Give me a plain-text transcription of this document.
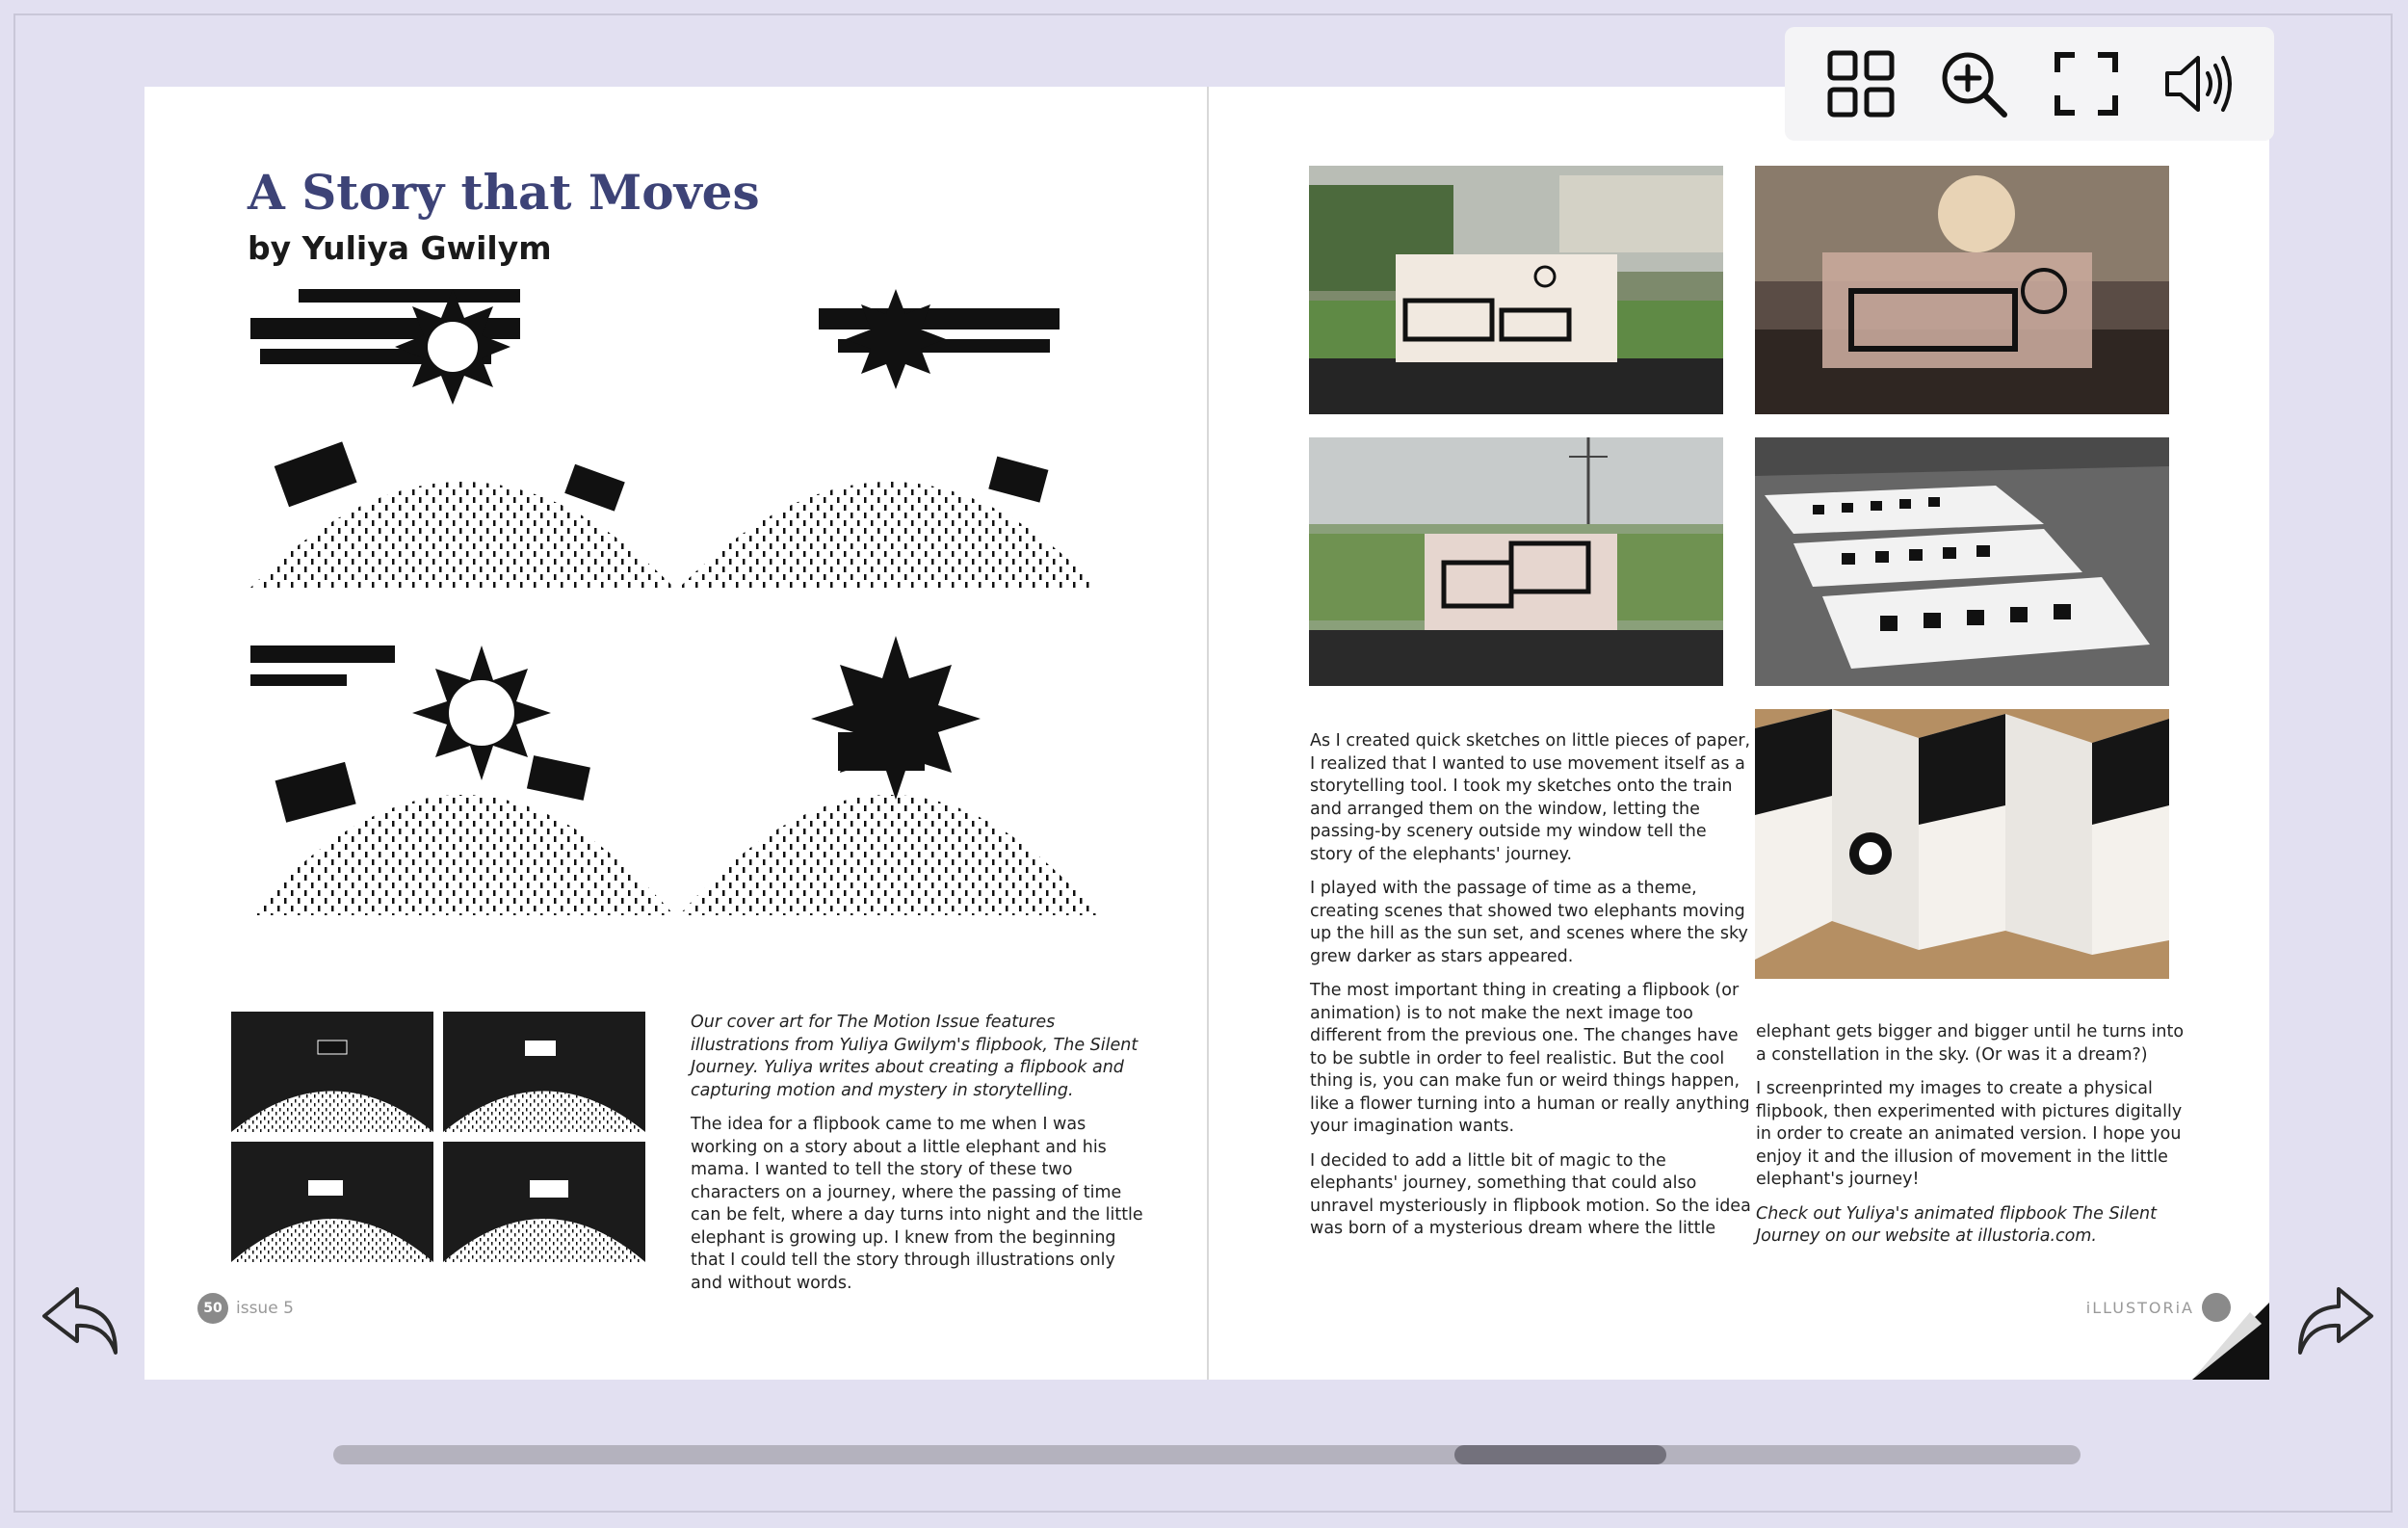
A Story that Moves
by Yuliya Gwilym

Our cover art for The Motion Issue features illustrations from Yuliya Gwilym's flipbook, The Silent Journey. Yuliya writes about creating a flipbook and capturing motion and mystery in storytelling.

The idea for a flipbook came to me when I was working on a story about a little elephant and his mama. I wanted to tell the story of these two characters on a journey, where the passing of time can be felt, where a day turns into night and the little elephant is growing up. I knew from the beginning that I could tell the story through illustrations only and without words.

50 issue 5

As I created quick sketches on little pieces of paper, I realized that I wanted to use movement itself as a storytelling tool. I took my sketches onto the train and arranged them on the window, letting the passing-by scenery outside my window tell the story of the elephants' journey.

I played with the passage of time as a theme, creating scenes that showed two elephants moving up the hill as the sun set, and scenes where the sky grew darker as stars appeared.

The most important thing in creating a flipbook (or animation) is to not make the next image too different from the previous one. The changes have to be subtle in order to feel realistic. But the cool thing is, you can make fun or weird things happen, like a flower turning into a human or really anything your imagination wants.

I decided to add a little bit of magic to the elephants' journey, something that could also unravel mysteriously in flipbook motion. So the idea was born of a mysterious dream where the little

elephant gets bigger and bigger until he turns into a constellation in the sky. (Or was it a dream?)

I screenprinted my images to create a physical flipbook, then experimented with pictures digitally in order to create an animated version. I hope you enjoy it and the illusion of movement in the little elephant's journey!

Check out Yuliya's animated flipbook The Silent Journey on our website at illustoria.com.

iLLUSTORiA
